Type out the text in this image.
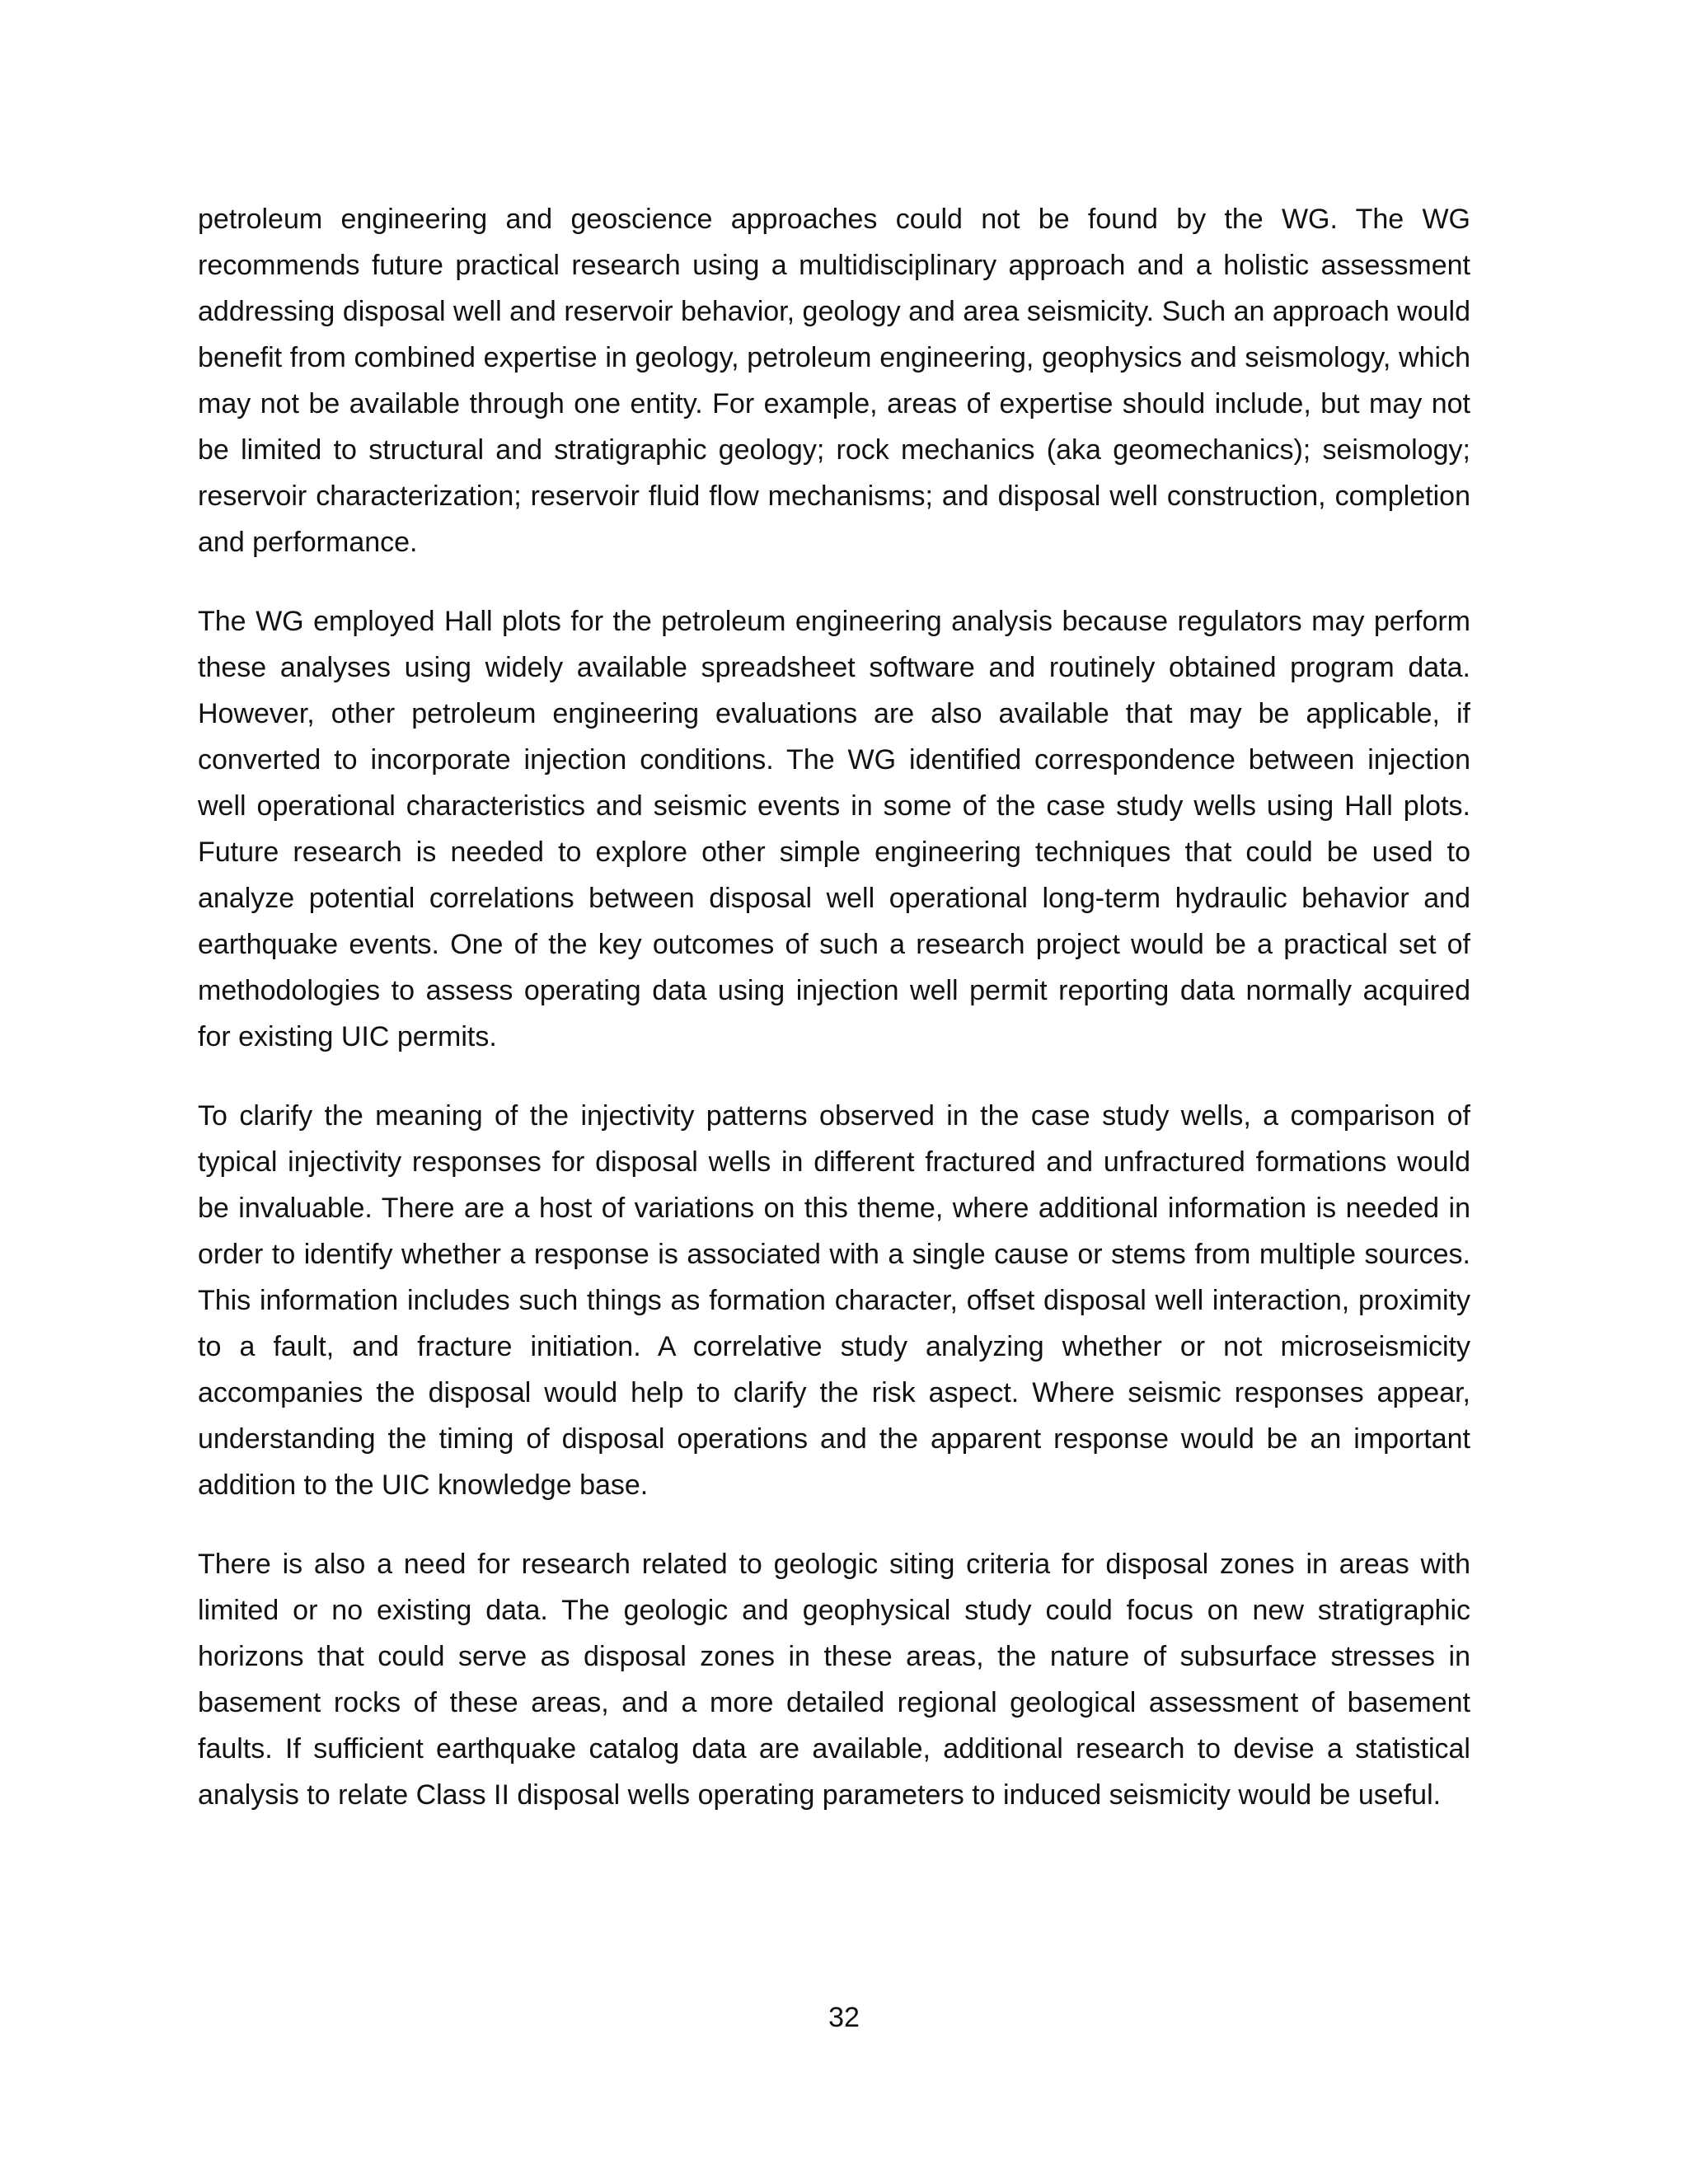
petroleum engineering and geoscience approaches could not be found by the WG. The WG recommends future practical research using a multidisciplinary approach and a holistic assessment addressing disposal well and reservoir behavior, geology and area seismicity. Such an approach would benefit from combined expertise in geology, petroleum engineering, geophysics and seismology, which may not be available through one entity. For example, areas of expertise should include, but may not be limited to structural and stratigraphic geology; rock mechanics (aka geomechanics); seismology; reservoir characterization; reservoir fluid flow mechanisms; and disposal well construction, completion and performance.

The WG employed Hall plots for the petroleum engineering analysis because regulators may perform these analyses using widely available spreadsheet software and routinely obtained program data. However, other petroleum engineering evaluations are also available that may be applicable, if converted to incorporate injection conditions. The WG identified correspondence between injection well operational characteristics and seismic events in some of the case study wells using Hall plots. Future research is needed to explore other simple engineering techniques that could be used to analyze potential correlations between disposal well operational long-term hydraulic behavior and earthquake events. One of the key outcomes of such a research project would be a practical set of methodologies to assess operating data using injection well permit reporting data normally acquired for existing UIC permits.

To clarify the meaning of the injectivity patterns observed in the case study wells, a comparison of typical injectivity responses for disposal wells in different fractured and unfractured formations would be invaluable. There are a host of variations on this theme, where additional information is needed in order to identify whether a response is associated with a single cause or stems from multiple sources. This information includes such things as formation character, offset disposal well interaction, proximity to a fault, and fracture initiation. A correlative study analyzing whether or not microseismicity accompanies the disposal would help to clarify the risk aspect. Where seismic responses appear, understanding the timing of disposal operations and the apparent response would be an important addition to the UIC knowledge base.

There is also a need for research related to geologic siting criteria for disposal zones in areas with limited or no existing data. The geologic and geophysical study could focus on new stratigraphic horizons that could serve as disposal zones in these areas, the nature of subsurface stresses in basement rocks of these areas, and a more detailed regional geological assessment of basement faults. If sufficient earthquake catalog data are available, additional research to devise a statistical analysis to relate Class II disposal wells operating parameters to induced seismicity would be useful.

32
